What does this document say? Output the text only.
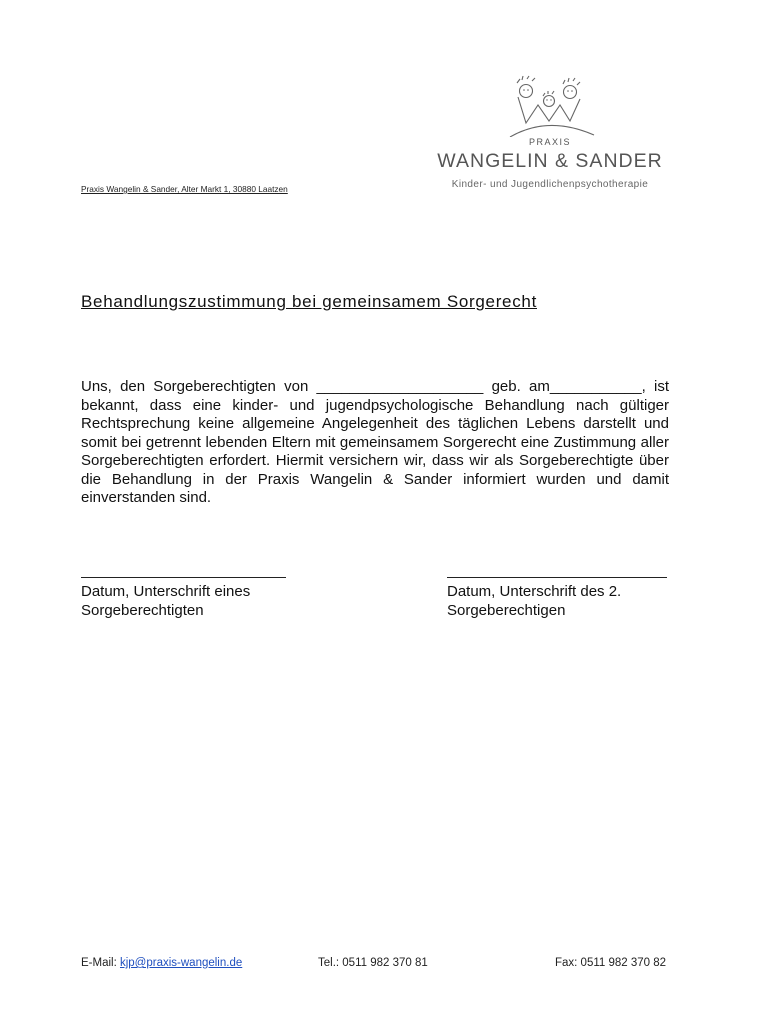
PRAXIS
WANGELIN & SANDER
Kinder- und Jugendlichenpsychotherapie
Praxis Wangelin & Sander, Alter Markt 1, 30880 Laatzen
Behandlungszustimmung bei gemeinsamem Sorgerecht
Uns, den Sorgeberechtigten von ____________________ geb. am___________, ist bekannt, dass eine kinder- und jugendpsychologische Behandlung nach gültiger Rechtsprechung keine allgemeine Angelegenheit des täglichen Lebens darstellt und somit bei getrennt lebenden Eltern mit gemeinsamem Sorgerecht eine Zustimmung aller Sorgeberechtigten erfordert. Hiermit versichern wir, dass wir als Sorgeberechtigte über die Behandlung in der Praxis Wangelin & Sander informiert wurden und damit einverstanden sind.
Datum, Unterschrift eines
Sorgeberechtigten
Datum, Unterschrift des 2.
Sorgeberechtigen
E-Mail: kjp@praxis-wangelin.de	Tel.: 0511 982 370 81	Fax: 0511 982 370 82
